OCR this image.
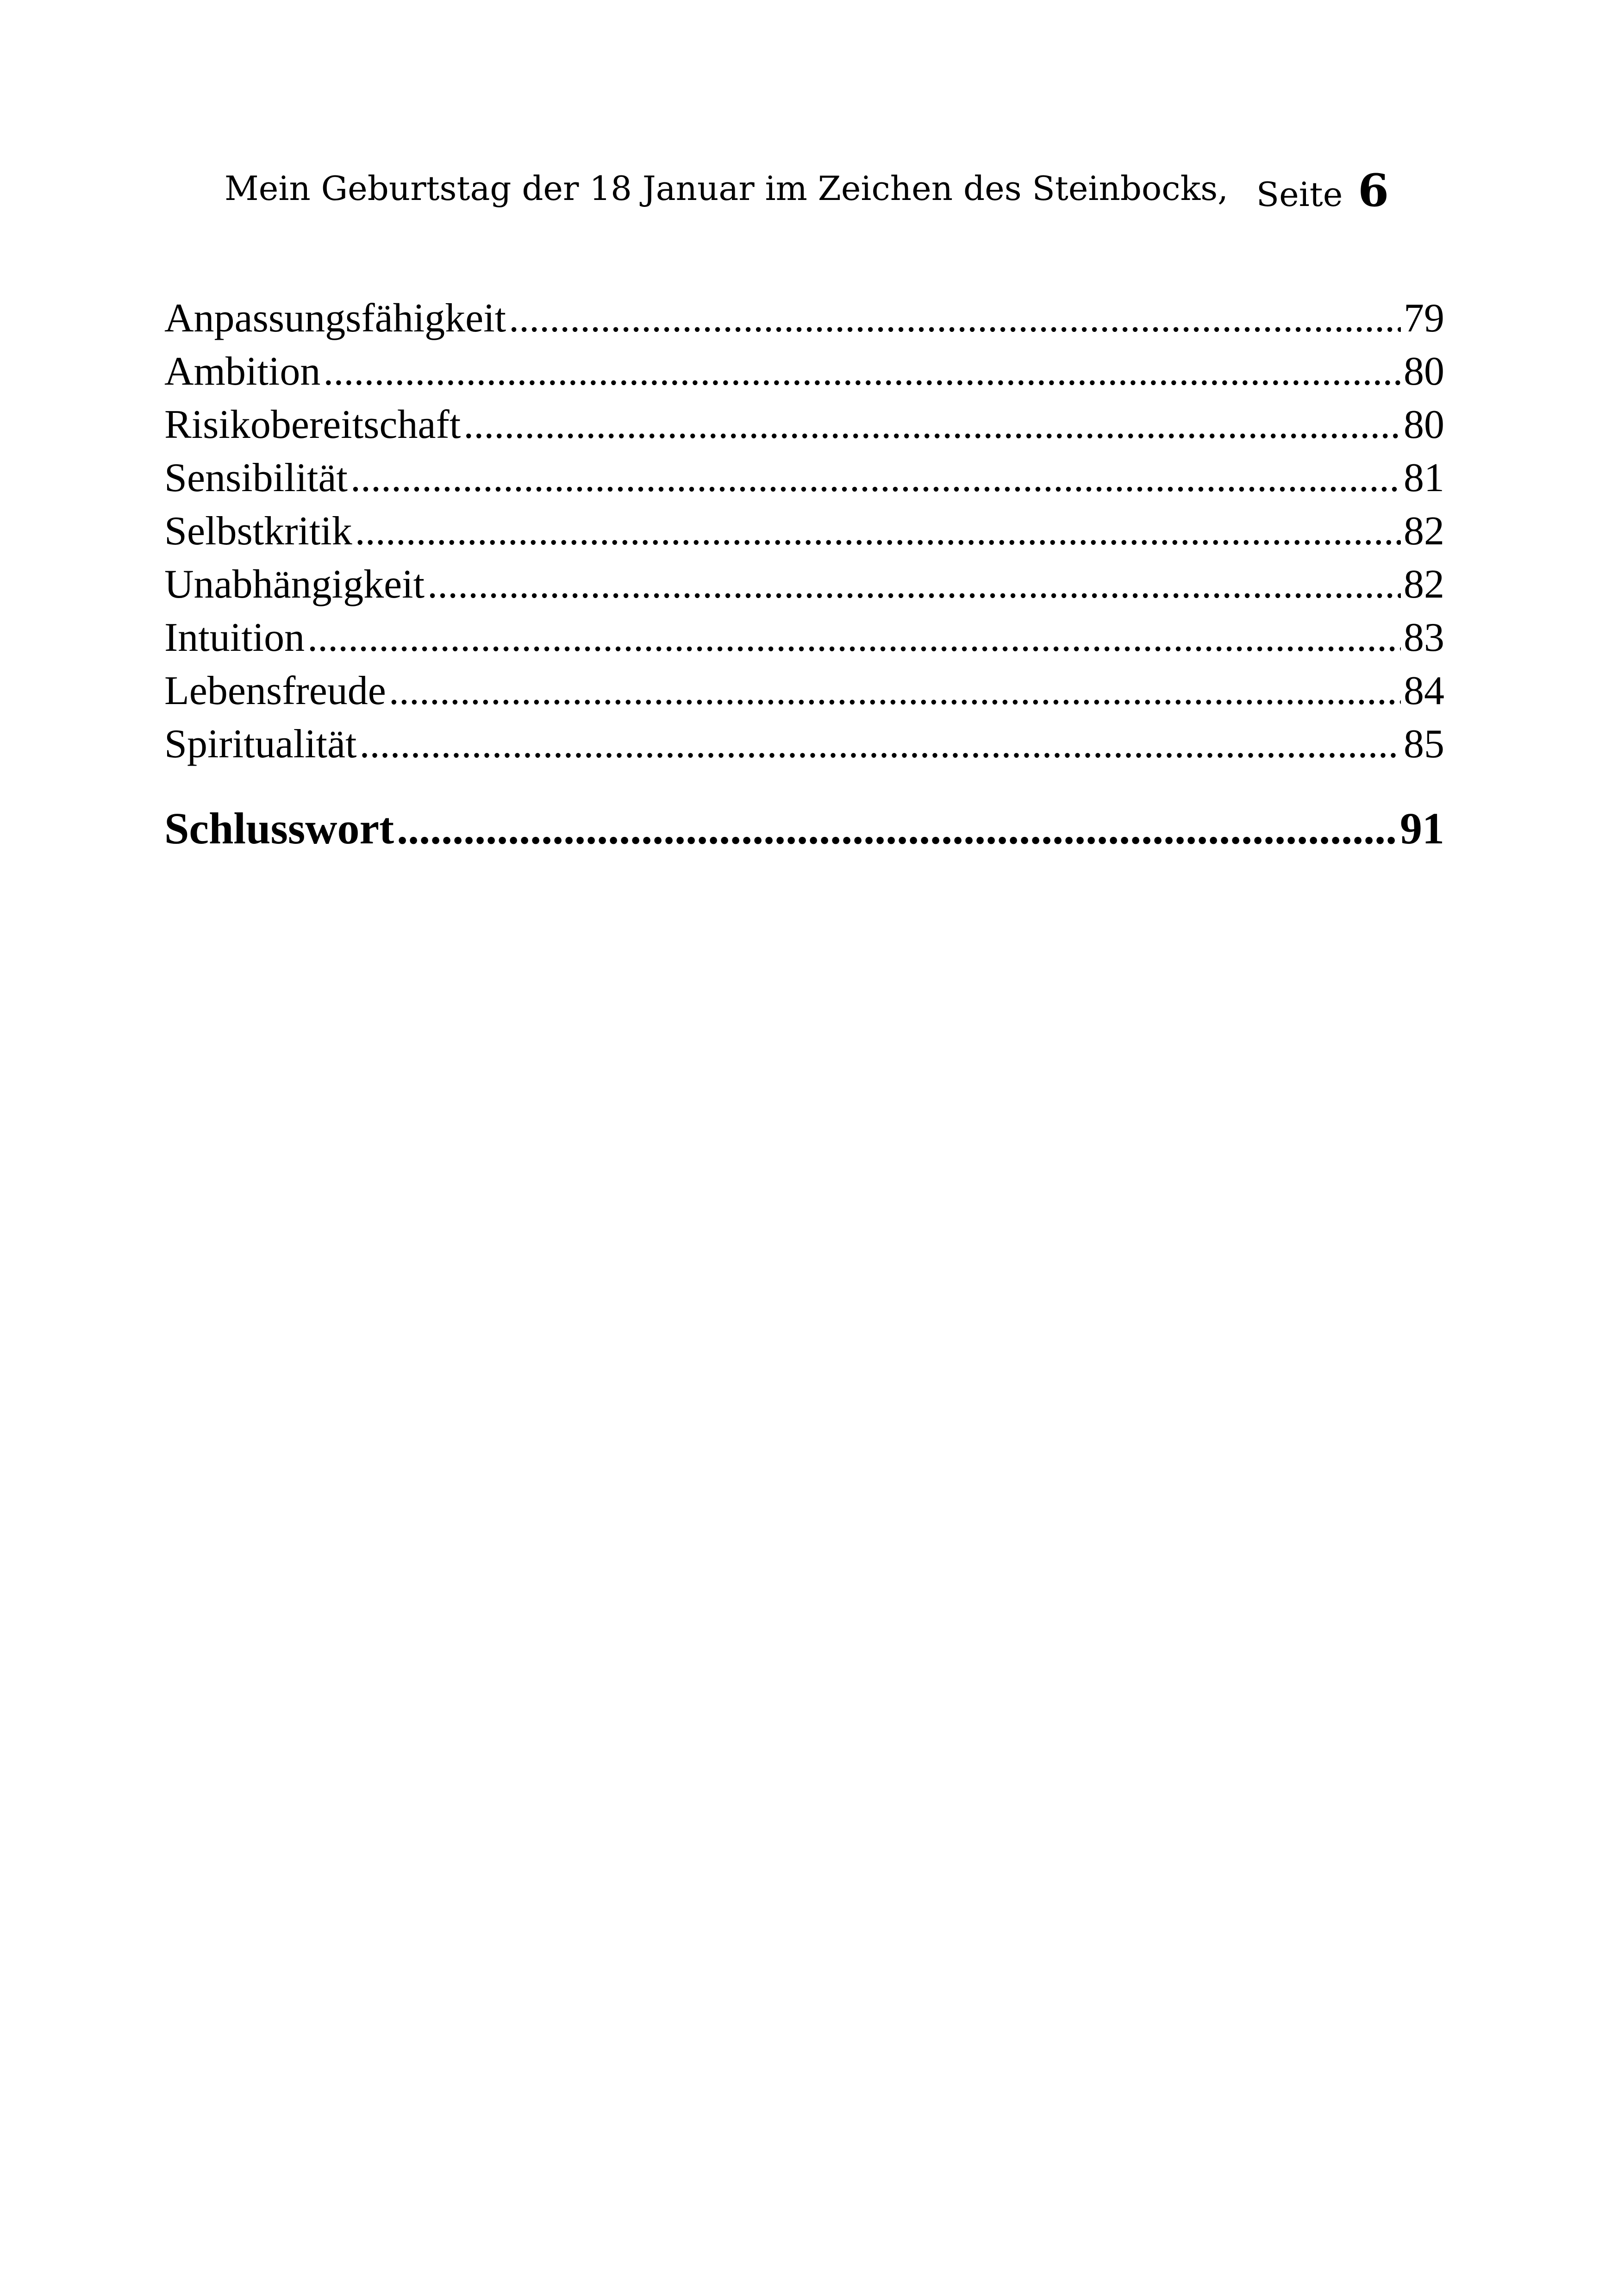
Mein Geburtstag der 18 Januar im Zeichen des Steinbocks, Seite 6
Anpassungsfähigkeit .....	79
Ambition .....	80
Risikobereitschaft .....	80
Sensibilität .....	81
Selbstkritik .....	82
Unabhängigkeit .....	82
Intuition .....	83
Lebensfreude .....	84
Spiritualität .....	85
Schlusswort .....	91
